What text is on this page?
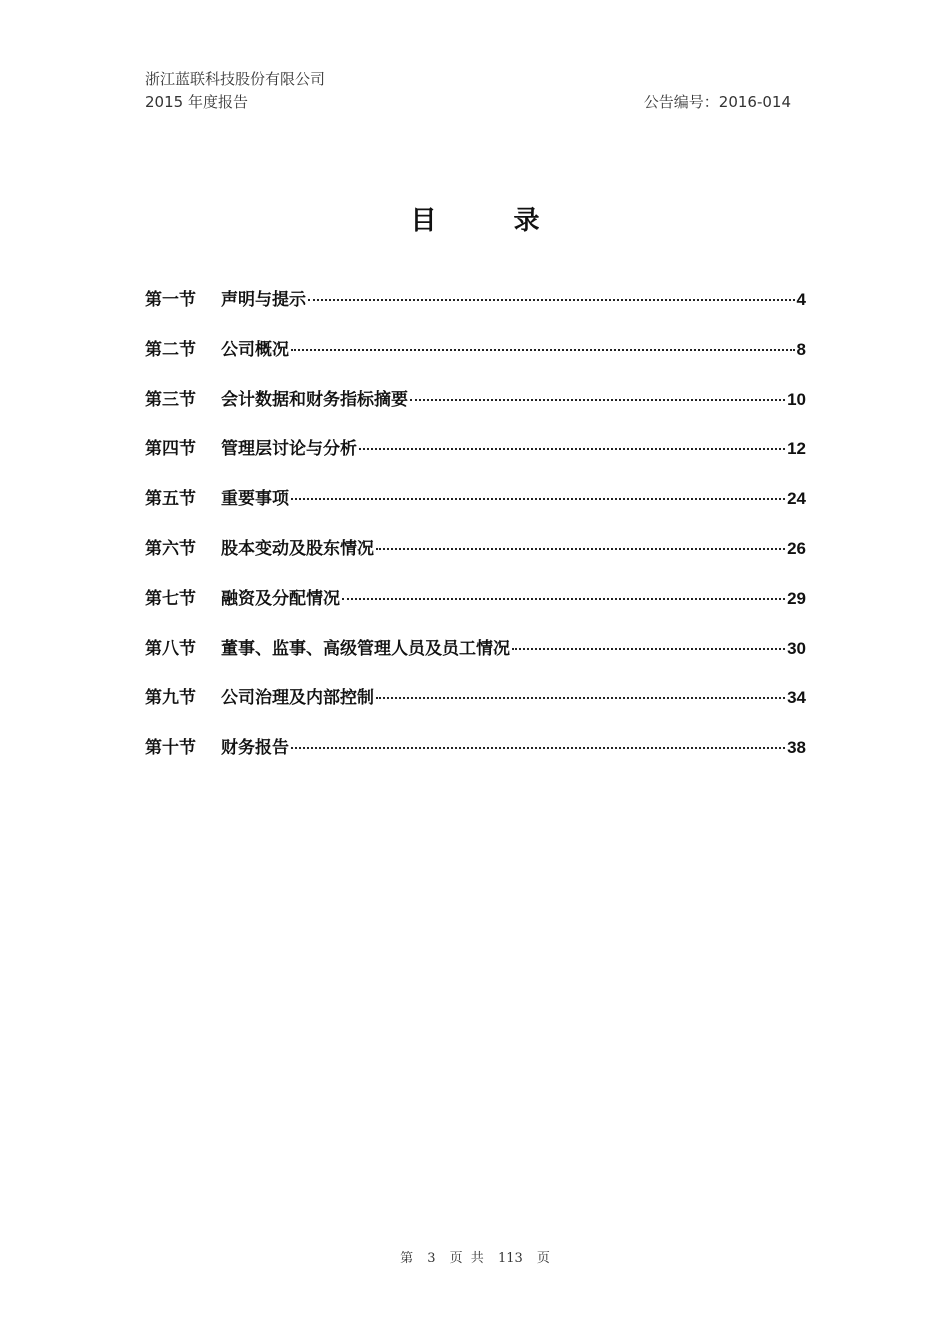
浙江蓝联科技股份有限公司
2015 年度报告	公告编号：2016-014
目 录
第一节	声明与提示	4
第二节	公司概况	8
第三节	会计数据和财务指标摘要	10
第四节	管理层讨论与分析	12
第五节	重要事项	24
第六节	股本变动及股东情况	26
第七节	融资及分配情况	29
第八节	董事、监事、高级管理人员及员工情况	30
第九节	公司治理及内部控制	34
第十节	财务报告	38
第 3 页 共 113 页
